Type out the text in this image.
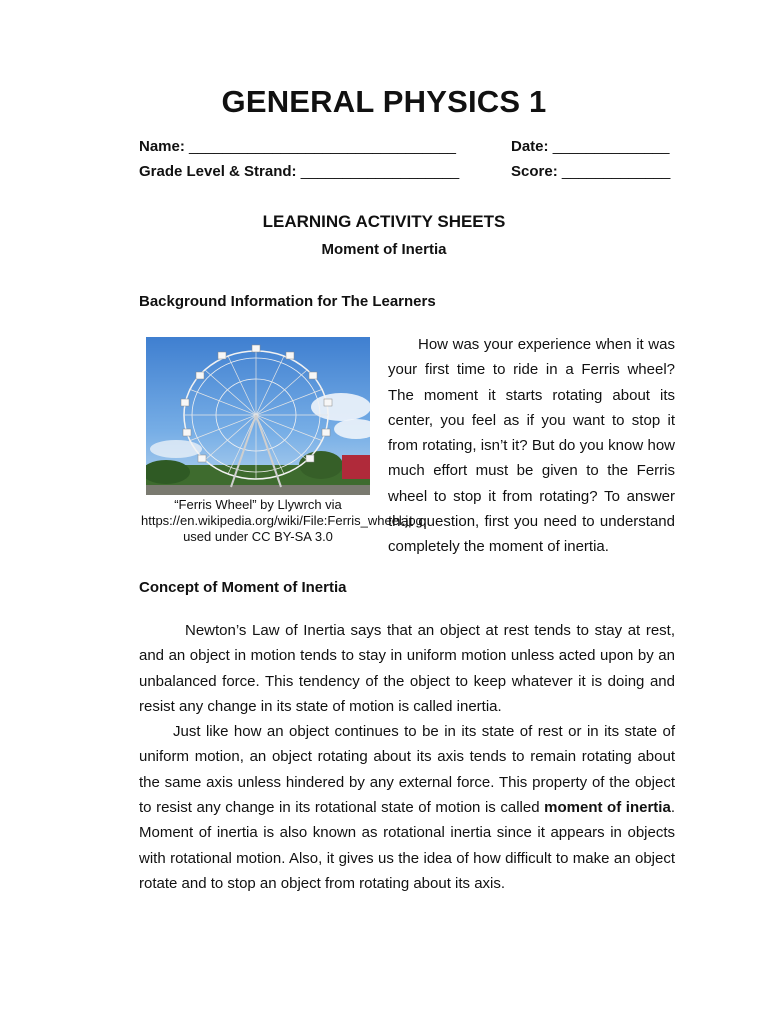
GENERAL PHYSICS 1
Name: ________________________________	Date: ______________
Grade Level & Strand: ___________________	Score: _____________
LEARNING ACTIVITY SHEETS
Moment of Inertia
Background Information for The Learners
“Ferris Wheel” by Llywrch via https://en.wikipedia.org/wiki/File:Ferris_wheel.jpg, used under CC BY-SA 3.0

How was your experience when it was your first time to ride in a Ferris wheel? The moment it starts rotating about its center, you feel as if you want to stop it from rotating, isn’t it? But do you know how much effort must be given to the Ferris wheel to stop it from rotating? To answer that question, first you need to understand completely the moment of inertia.

Concept of Moment of Inertia

Newton’s Law of Inertia says that an object at rest tends to stay at rest, and an object in motion tends to stay in uniform motion unless acted upon by an unbalanced force. This tendency of the object to keep whatever it is doing and resist any change in its state of motion is called inertia.

Just like how an object continues to be in its state of rest or in its state of uniform motion, an object rotating about its axis tends to remain rotating about the same axis unless hindered by any external force. This property of the object to resist any change in its rotational state of motion is called moment of inertia. Moment of inertia is also known as rotational inertia since it appears in objects with rotational motion. Also, it gives us the idea of how difficult to make an object rotate and to stop an object from rotating about its axis.
